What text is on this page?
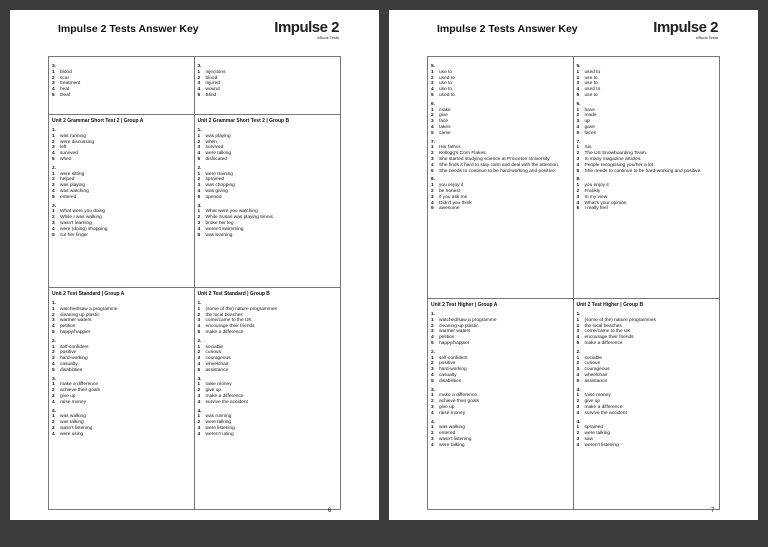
Impulse 2 Tests Answer Key	Impulse 2
eBook Tests
3.
1	blood
2	scar
3	treatment
4	heal
5	Deaf
Unit 2 Grammar Short Test 2 | Group A
1.
1	was running
2	were discussing
3	left
4	survived
5	when
2.
1	were sitting
2	helped
3	was playing
4	was watching
5	entered
3.
1	What were you doing
2	While I was walking
3	wasn't learning
4	were (doing) shopping
5	cut her finger
Unit 2 Test Standard | Group A
1.
1	watched/saw a programme
2	cleaning up plastic
3	warmer waters
4	petition
5	happy/happier
2.
1	self-confident
2	positive
3	hard-working
4	casualty
5	disabilities
3.
1	make a difference
2	achieve their goals
3	give up
4	raise money
4.
1	was walking
2	was talking
3	wasn't listening
4	were using
3.
1	injections
2	blood
3	injured
4	wound
5	Blind
Unit 2 Grammar Short Test 2 | Group B
1.
1	was playing
2	when
3	survived
4	were talking
5	dislocated
2.
1	were training
2	sprained
3	was chopping
4	was giving
5	opened
3.
1	What were you watching
2	While Susan was playing tennis
3	broke her leg
4	weren't swimming
5	was learning
Unit 2 Test Standard | Group B
1.
1	(some of the) nature programmes
2	the local beaches
3	come/came to the UK
4	encourage their friends
5	make a difference
2.
1	sociable
2	curious
3	courageous
4	wheelchair
5	assistance
3.
1	raise money
2	give up
3	make a difference
4	survive the accident
4.
1	was running
2	were talking
3	were listening
4	weren't using
6
Impulse 2 Tests Answer Key	Impulse 2
eBook Tests
5.
1	use to
2	used to
3	use to
4	use to
5	used to
6.
1	make
2	give
3	face
4	takes
5	came
7.
1	Her father.
2	Kellogg's Corn Flakes.
3	She started studying science at Princeton University.
4	She finds it hard to stay calm and deal with the attention.
5	She needs to continue to be hard-working and positive.
8.
1	you enjoy it
2	be honest
3	if you ask me
4	Didn't you think
5	awesome
Unit 2 Test Higher | Group A
1.
1	watched/saw a programme
2	cleaning up plastic
3	warmer waters
4	petition
5	happy/happier
2.
1	self-confident
2	positive
3	hard-working
4	casualty
5	disabilities
3.
1	make a difference
2	achieve their goals
3	give up
4	raise money
4.
1	was walking
2	entered
3	wasn't listening
4	were talking
5.
1	used to
2	use to
3	use to
4	used to
5	use to
6.
1	have
2	made
3	up
4	gave
5	faces
7.
1	Six.
2	The US Snowboarding Team.
3	In many magazine articles.
4	People recognising you/her a lot.
5	She needs to continue to be hard-working and positive.
8.
1	you enjoy it
2	Frankly
3	In my view
4	What's your opinion
5	I really feel
Unit 2 Test Higher | Group B
1.
1	(some of the) nature programmes
2	the local beaches
3	come/came to the UK
4	encourage their friends
5	make a difference
2.
1	sociable
2	curious
3	courageous
4	wheelchair
5	assistance
3.
1	raise money
2	give up
3	make a difference
4	survive the accident
4.
1	sprained
2	were talking
3	saw
4	weren't listening
7
